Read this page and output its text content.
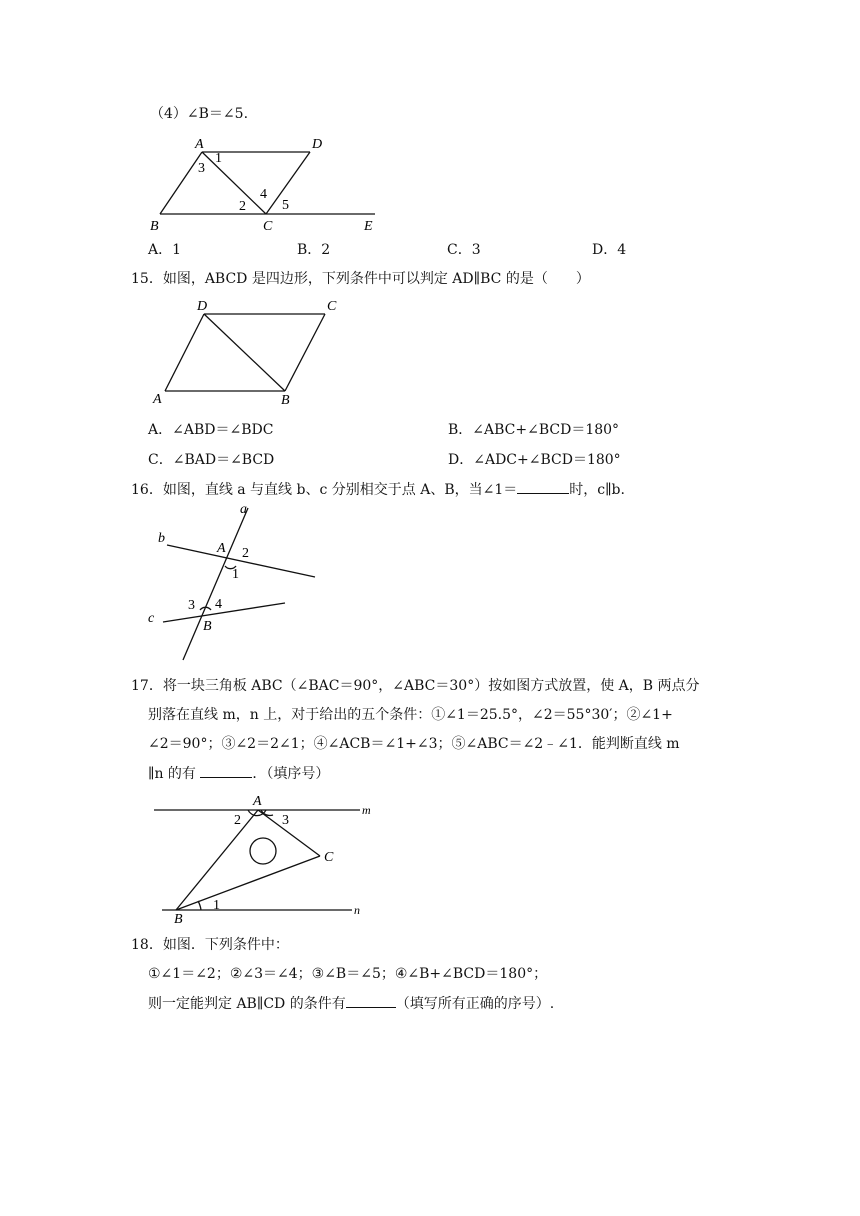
（4）∠B＝∠5.
A	D
B	C	E
1
2
3
4
5
A．1	B．2	C．3	D．4
15．如图，ABCD 是四边形，下列条件中可以判定 AD∥BC 的是（　　）
D	C
A	B
A．∠ABD＝∠BDC	B．∠ABC+∠BCD＝180°
C．∠BAD＝∠BCD	D．∠ADC+∠BCD＝180°
16．如图，直线 a 与直线 b、c 分别相交于点 A、B，当∠1＝	时，c∥b.
a
b
c
A
B
1
2
3 4
17．将一块三角板 ABC（∠BAC＝90°，∠ABC＝30°）按如图方式放置，使 A，B 两点分
别落在直线 m，n 上，对于给出的五个条件：①∠1＝25.5°，∠2＝55°30′；②∠1+
∠2＝90°；③∠2＝2∠1；④∠ACB＝∠1+∠3；⑤∠ABC＝∠2﹣∠1．能判断直线 m
∥n 的有	．（填序号）
A
B
C
m
n
1
2	3
18．如图．下列条件中：
①∠1＝∠2；②∠3＝∠4；③∠B＝∠5；④∠B+∠BCD＝180°；
则一定能判定 AB∥CD 的条件有	（填写所有正确的序号）.
